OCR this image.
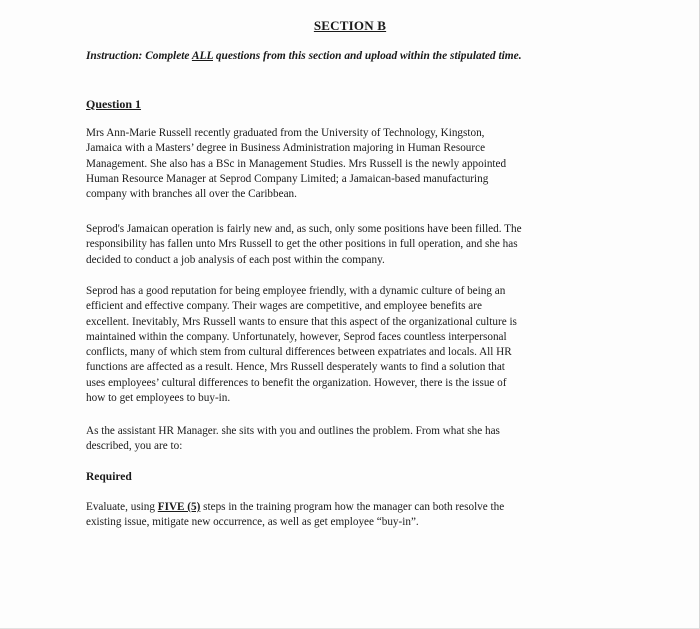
SECTION B
Instruction: Complete ALL questions from this section and upload within the stipulated time.
Question 1
Mrs Ann-Marie Russell recently graduated from the University of Technology, Kingston,
Jamaica with a Masters’ degree in Business Administration majoring in Human Resource
Management. She also has a BSc in Management Studies. Mrs Russell is the newly appointed
Human Resource Manager at Seprod Company Limited; a Jamaican-based manufacturing
company with branches all over the Caribbean.
Seprod's Jamaican operation is fairly new and, as such, only some positions have been filled. The
responsibility has fallen unto Mrs Russell to get the other positions in full operation, and she has
decided to conduct a job analysis of each post within the company.
Seprod has a good reputation for being employee friendly, with a dynamic culture of being an
efficient and effective company. Their wages are competitive, and employee benefits are
excellent. Inevitably, Mrs Russell wants to ensure that this aspect of the organizational culture is
maintained within the company. Unfortunately, however, Seprod faces countless interpersonal
conflicts, many of which stem from cultural differences between expatriates and locals. All HR
functions are affected as a result. Hence, Mrs Russell desperately wants to find a solution that
uses employees’ cultural differences to benefit the organization. However, there is the issue of
how to get employees to buy-in.
As the assistant HR Manager. she sits with you and outlines the problem. From what she has
described, you are to:
Required
Evaluate, using FIVE (5) steps in the training program how the manager can both resolve the
existing issue, mitigate new occurrence, as well as get employee “buy-in”.
